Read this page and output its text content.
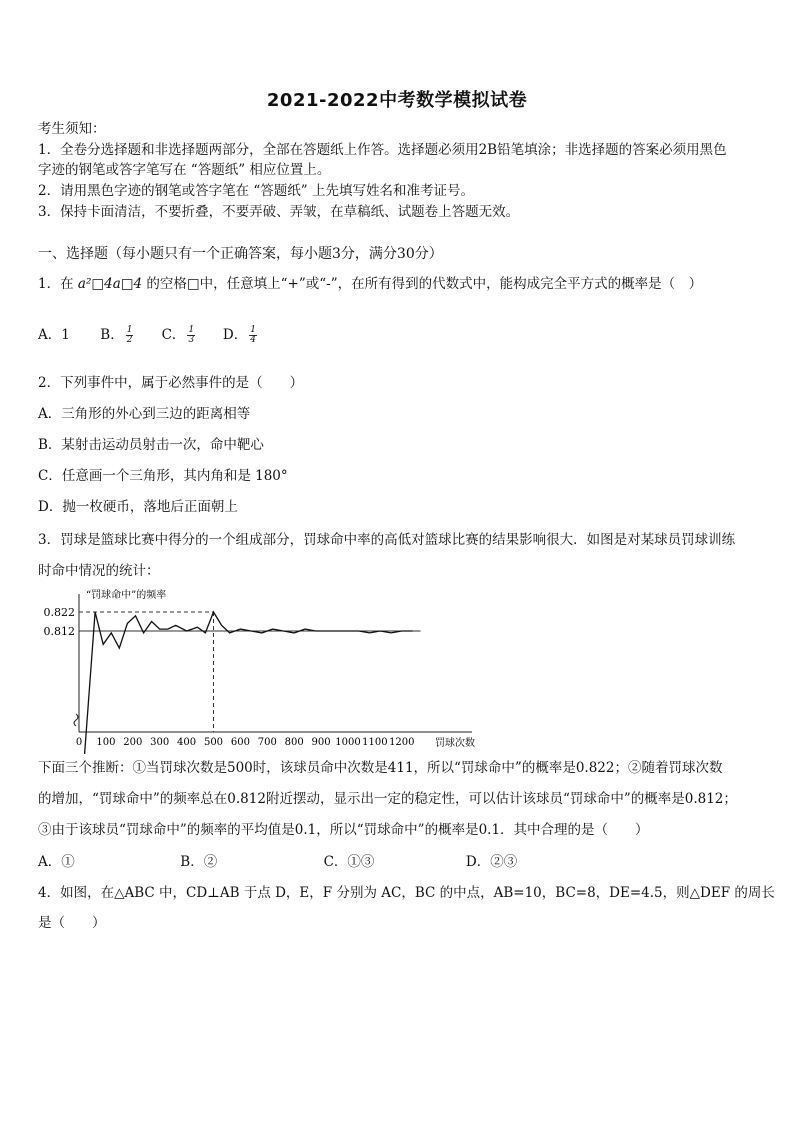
2021-2022中考数学模拟试卷
考生须知：
1．全卷分选择题和非选择题两部分，全部在答题纸上作答。选择题必须用2B铅笔填涂；非选择题的答案必须用黑色
字迹的钢笔或答字笔写在 “答题纸” 相应位置上。
2．请用黑色字迹的钢笔或答字笔在 “答题纸” 上先填写姓名和准考证号。
3．保持卡面清洁，不要折叠，不要弄破、弄皱，在草稿纸、试题卷上答题无效。
一、选择题（每小题只有一个正确答案，每小题3分，满分30分）
1．在 a²□4a□4 的空格□中，任意填上“+”或“-”，在所有得到的代数式中，能构成完全平方式的概率是（　）
A．1 B． $\frac{1}{2}$ C． $\frac{1}{3}$ D． $\frac{1}{4}$
2．下列事件中，属于必然事件的是（　　）
A．三角形的外心到三边的距离相等
B．某射击运动员射击一次，命中靶心
C．任意画一个三角形，其内角和是 180°
D．抛一枚硬币，落地后正面朝上
3．罚球是篮球比赛中得分的一个组成部分，罚球命中率的高低对篮球比赛的结果影响很大．如图是对某球员罚球训练
时命中情况的统计：
“罚球命中”的频率
罚球次数
0.822
0.812
0 100 200 300 400 500 600 700 800 900 1000 1100 1200
下面三个推断：①当罚球次数是500时，该球员命中次数是411，所以“罚球命中”的概率是0.822；②随着罚球次数
的增加，“罚球命中”的频率总在0.812附近摆动，显示出一定的稳定性，可以估计该球员“罚球命中”的概率是0.812；
③由于该球员“罚球命中”的频率的平均值是0.1，所以“罚球命中”的概率是0.1．其中合理的是（　　）
A．①	B．②	C．①③	D．②③
4．如图，在△ABC 中，CD⊥AB 于点 D，E，F 分别为 AC，BC 的中点，AB=10，BC=8，DE=4.5，则△DEF 的周长
是（　　）
